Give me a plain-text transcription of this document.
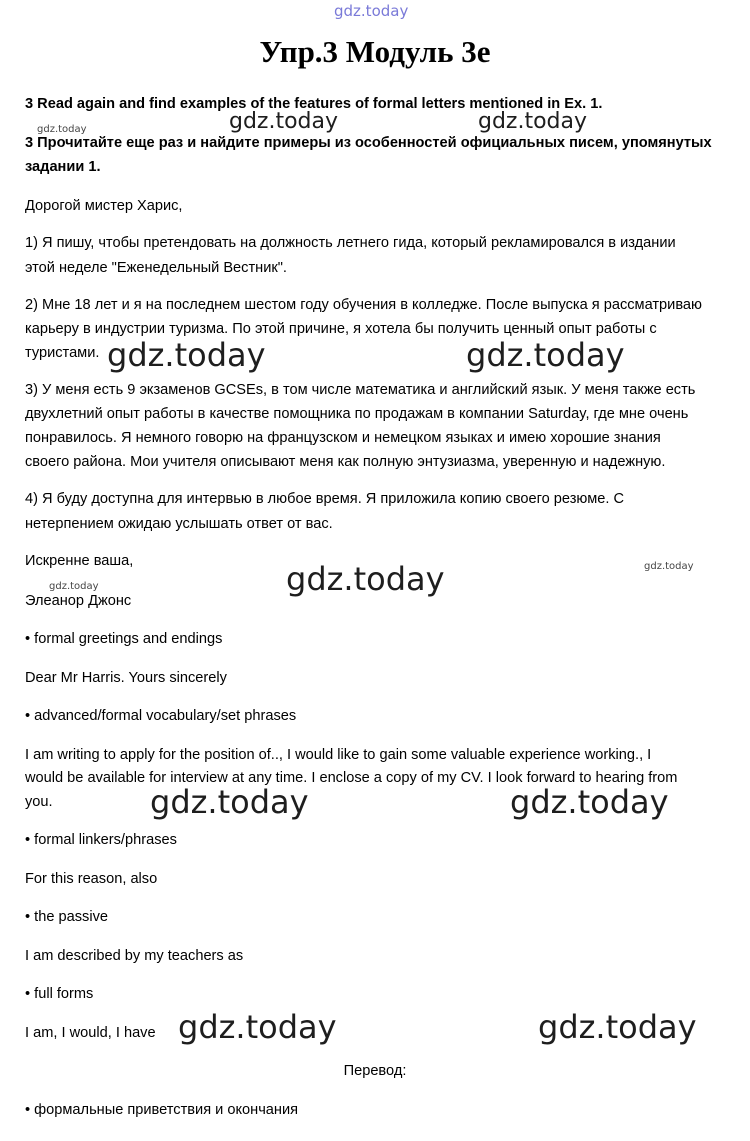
gdz.today
gdz.today	gdz.today	gdz.today
gdz.today	gdz.today
gdz.today	gdz.today
gdz.today
gdz.today	gdz.today
gdz.today	gdz.today
Упр.3 Модуль 3е
3 Read again and find examples of the features of formal letters mentioned in Ex. 1.
3 Прочитайте еще раз и найдите примеры из особенностей официальных писем, упомянутых
задании 1.
Дорогой мистер Харис,
1) Я пишу, чтобы претендовать на должность летнего гида, который рекламировался в издании
этой неделе "Еженедельный Вестник".
2) Мне 18 лет и я на последнем шестом году обучения в колледже. После выпуска я рассматриваю
карьеру в индустрии туризма. По этой причине, я хотела бы получить ценный опыт работы с
туристами.
3) У меня есть 9 экзаменов GCSEs, в том числе математика и английский язык. У меня также есть
двухлетний опыт работы в качестве помощника по продажам в компании Saturday, где мне очень
понравилось. Я немного говорю на французском и немецком языках и имею хорошие знания
своего района. Мои учителя описывают меня как полную энтузиазма, уверенную и надежную.
4) Я буду доступна для интервью в любое время. Я приложила копию своего резюме. С
нетерпением ожидаю услышать ответ от вас.
Искренне ваша,
Элеанор Джонс
• formal greetings and endings
Dear Mr Harris. Yours sincerely
• advanced/formal vocabulary/set phrases
I am writing to apply for the position of.., I would like to gain some valuable experience working., I
would be available for interview at any time. I enclose a copy of my CV. I look forward to hearing from
you.
• formal linkers/phrases
For this reason, also
• the passive
I am described by my teachers as
• full forms
I am, I would, I have
Перевод:
• формальные приветствия и окончания
